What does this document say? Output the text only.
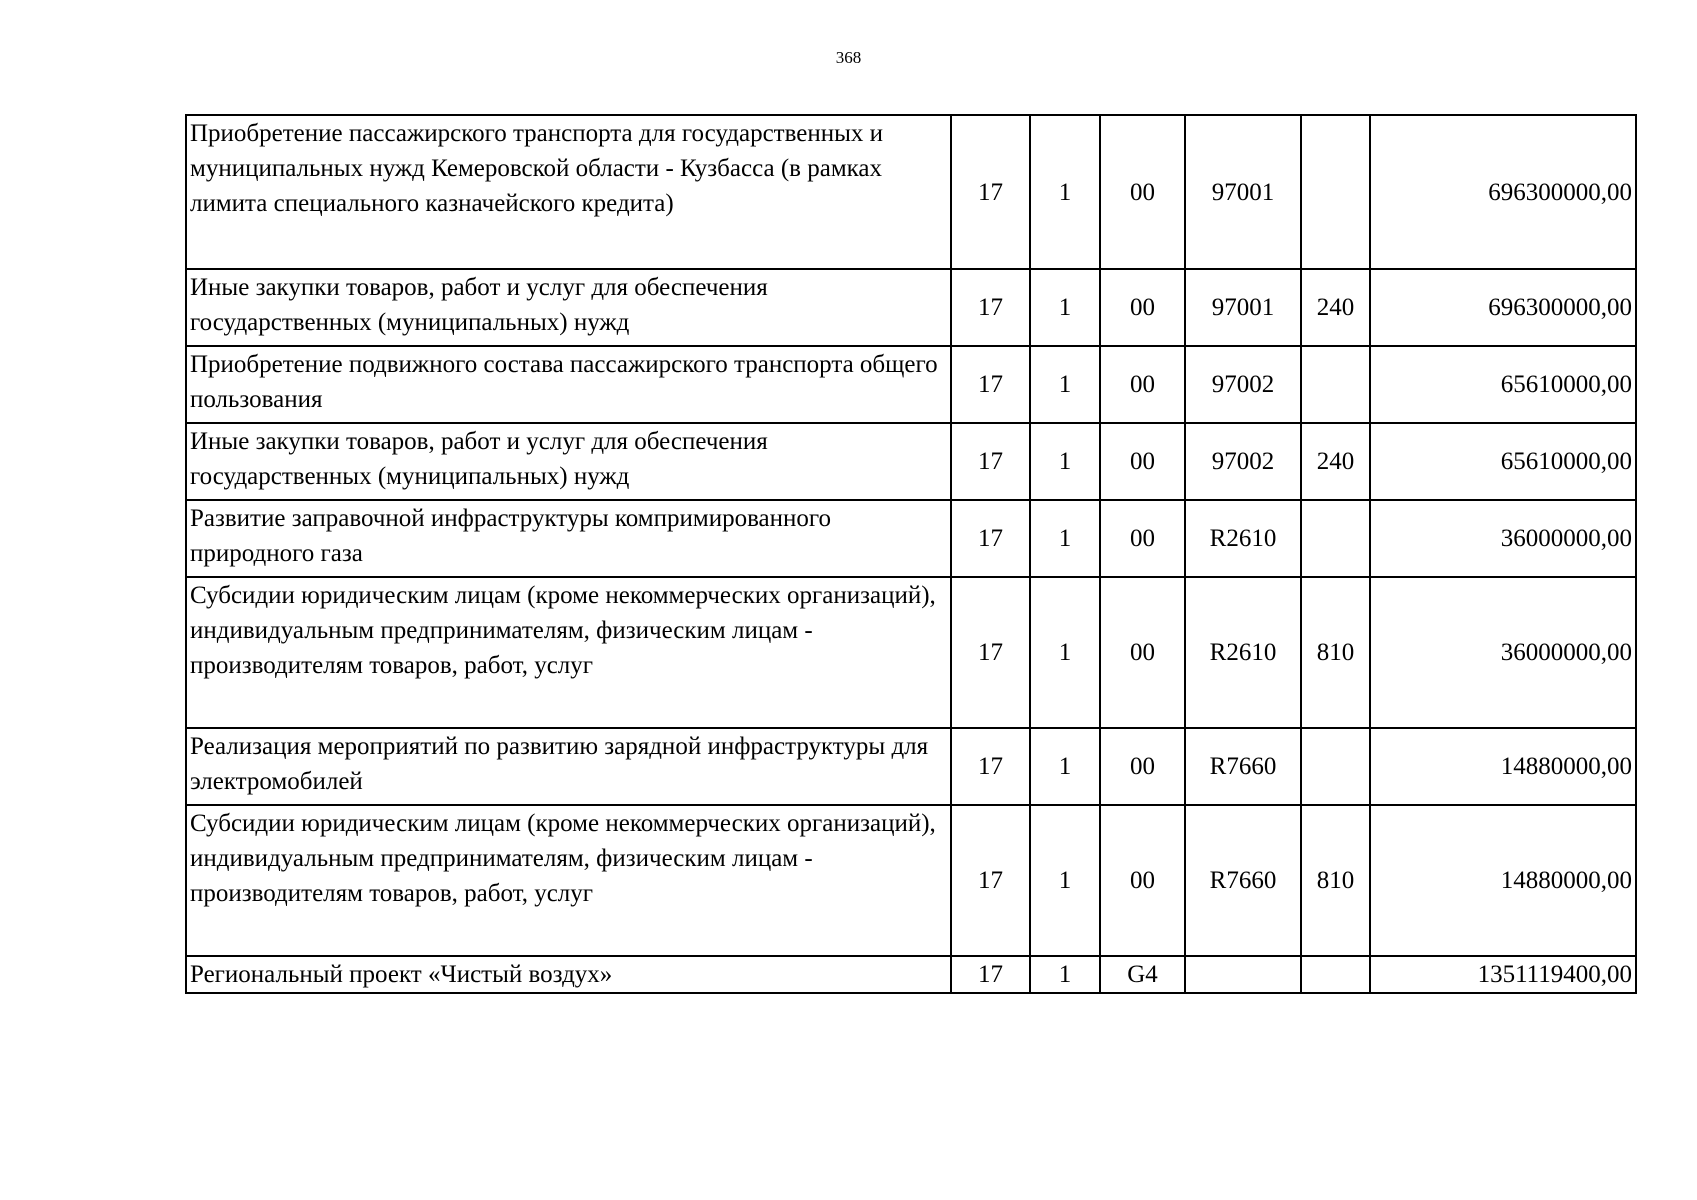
368
Приобретение пассажирского транспорта для государственных и муниципальных нужд Кемеровской области - Кузбасса (в рамках лимита специального казначейского кредита)	17	1	00	97001		696300000,00
Иные закупки товаров, работ и услуг для обеспечения государственных (муниципальных) нужд	17	1	00	97001	240	696300000,00
Приобретение подвижного состава пассажирского транспорта общего пользования	17	1	00	97002		65610000,00
Иные закупки товаров, работ и услуг для обеспечения государственных (муниципальных) нужд	17	1	00	97002	240	65610000,00
Развитие заправочной инфраструктуры компримированного природного газа	17	1	00	R2610		36000000,00
Субсидии юридическим лицам (кроме некоммерческих организаций), индивидуальным предпринимателям, физическим лицам - производителям товаров, работ, услуг	17	1	00	R2610	810	36000000,00
Реализация мероприятий по развитию зарядной инфраструктуры для электромобилей	17	1	00	R7660		14880000,00
Субсидии юридическим лицам (кроме некоммерческих организаций), индивидуальным предпринимателям, физическим лицам - производителям товаров, работ, услуг	17	1	00	R7660	810	14880000,00
Региональный проект «Чистый воздух»	17	1	G4			1351119400,00
